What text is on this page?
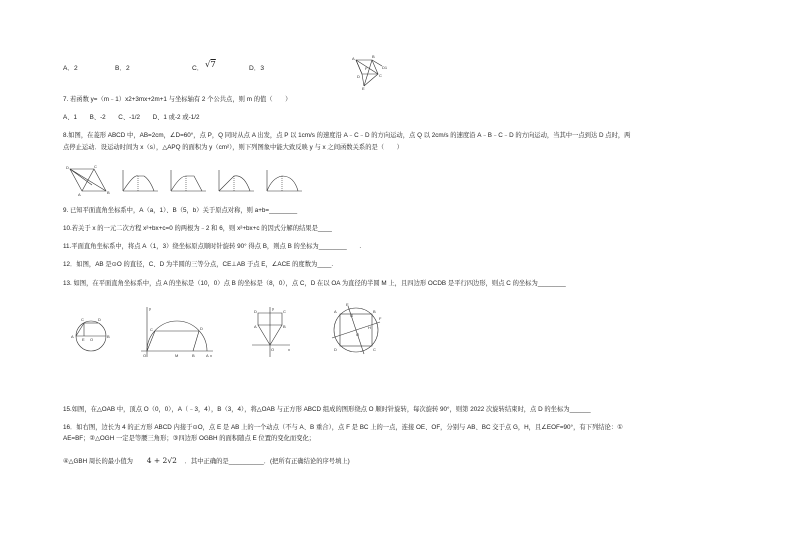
A．2	B．2	C． √7	D．3
A	B
C
D
E
F	D1
7. 若函数 y=（m﹣1）x2+3mx+2m+1 与坐标轴有 2 个公共点，则 m 的值（　　）
A、1　　B、-2　　C、-1/2　　D、1 或-2 或-1/2
8.如图，在菱形 ABCD 中，AB=2cm，∠D=60°，点 P，Q 同时从点 A 出发，点 P 以 1cm/s 的速度沿 A﹣C﹣D 的方向运动，点 Q 以 2cm/s 的速度沿 A﹣B﹣C﹣D 的方向运动，当其中一点到达 D 点时，两
点停止运动．设运动时间为 x（s），△APQ 的面积为 y（cm²），则下列图象中能大致反映 y 与 x 之间函数关系的是（　　）
D	C
B
A
9. 已知平面直角坐标系中，A（a，1）、B（5，b）关于原点对称，则 a+b=________
10.若关于 x 的一元二次方程 x²+bx+c=0 的两根为﹣2 和 6，则 x²+bx+c 的因式分解的结果是____
11.平面直角坐标系中，将点 A（1，3）绕坐标原点顺时针旋转 90° 得点 B，则点 B 的坐标为________　　.
12．如图，AB 是⊙O 的直径，C、D 为半圆的三等分点，CE⊥AB 于点 E，∠ACE 的度数为____.
13. 如图，在平面直角坐标系中，点 A 的坐标是（10，0）点 B 的坐标是（8，0），点 C，D 在以 OA 为直径的半圆 M 上，且四边形 OCDB 是平行四边形，则点 C 的坐标为________
A	B
C	D
E O
y
x
O	B	A
C	D
M
y
x
O
A	B
C
D	A	B
C
D
E
F
G
H
O
15.如图，在△OAB 中，顶点 O（0，0），A（﹣3，4），B（3，4），将△OAB 与正方形 ABCD 组成的图形绕点 O 顺时针旋转，每次旋转 90°，则第 2022 次旋转结束时，点 D 的坐标为______
16．如右图，边长为 4 的正方形 ABCD 内接于⊙O，点 E 是 AB 上的一个动点（不与 A、B 重合），点 F 是 BC 上的一点，连接 OE、OF，分别与 AB、BC 交于点 G，H，且∠EOF=90°，有下列结论：①
AE=BF；②△OGH 一定是等腰三角形；③四边形 OGBH 的面积随点 E 位置的变化而变化；
④△GBH 周长的最小值为 4 + 2√2 ．其中正确的是__________．(把所有正确结论的序号填上)
